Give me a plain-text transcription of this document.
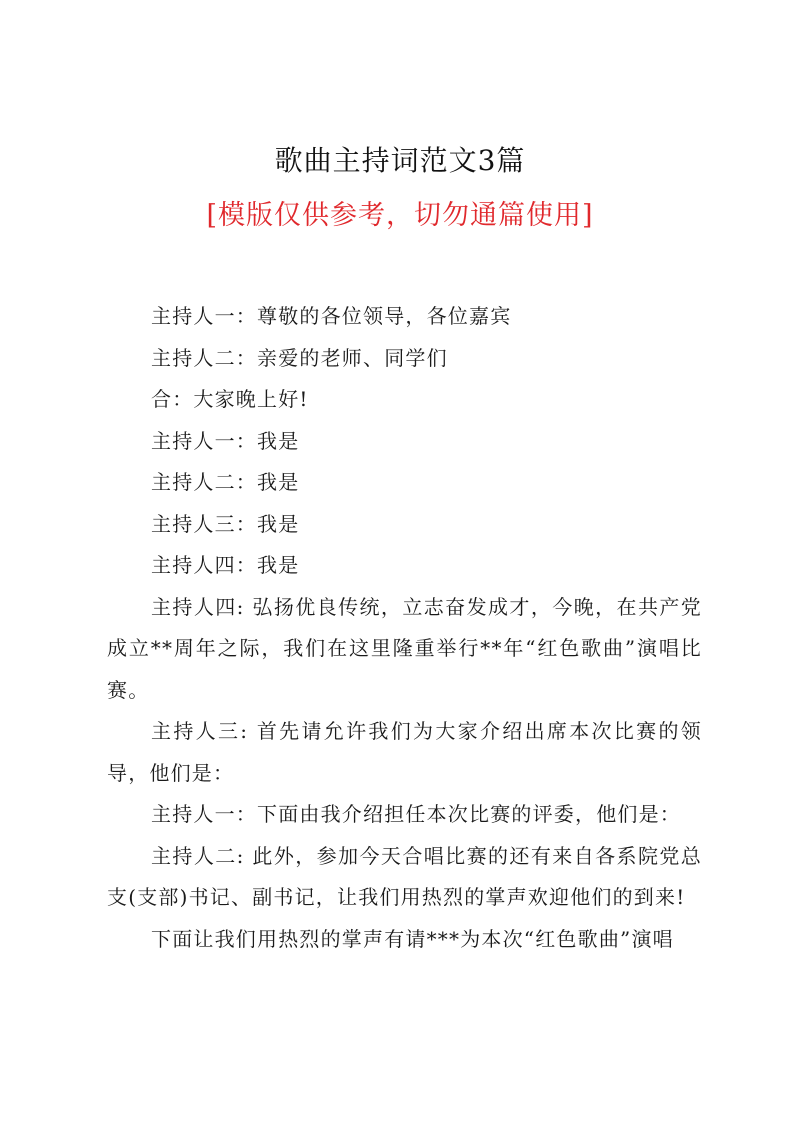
歌曲主持词范文3篇
[模版仅供参考，切勿通篇使用]

主持人一：尊敬的各位领导，各位嘉宾

主持人二：亲爱的老师、同学们

合：大家晚上好!

主持人一：我是

主持人二：我是

主持人三：我是

主持人四：我是

主持人四: 弘扬优良传统，立志奋发成才，今晚，在共产党成立**周年之际，我们在这里隆重举行**年“红色歌曲”演唱比赛。

主持人三: 首先请允许我们为大家介绍出席本次比赛的领导，他们是：

主持人一：下面由我介绍担任本次比赛的评委，他们是：

主持人二: 此外，参加今天合唱比赛的还有来自各系院党总支(支部)书记、副书记，让我们用热烈的掌声欢迎他们的到来!

下面让我们用热烈的掌声有请***为本次“红色歌曲”演唱
